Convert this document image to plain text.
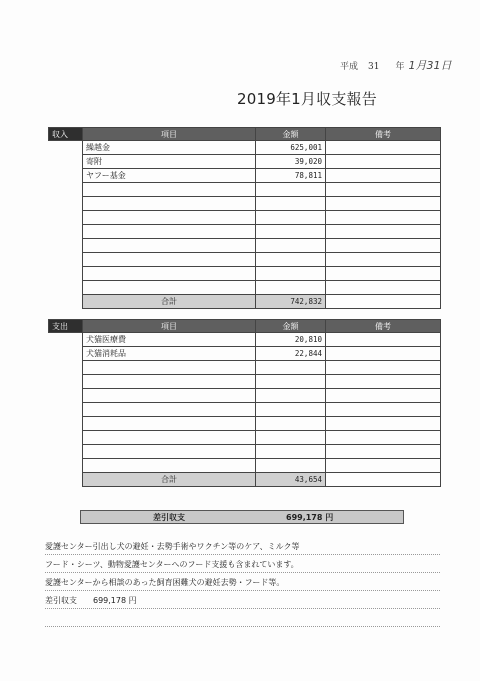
平成 31 年 1月31日
2019年1月収支報告
収入	項目	金額	備考
	繰越金	625,001	
	寄附	39,020	
	ヤフー基金	78,811	

	合計	742,832	
支出	項目	金額	備考
	犬猫医療費	20,810	
	犬猫消耗品	22,844	

	合計	43,654	
差引収支	699,178 円
愛護センター引出し犬の避妊・去勢手術やワクチン等のケア、ミルク等
フード・シーツ、動物愛護センターへのフード支援も含まれています。
愛護センターから相談のあった飼育困難犬の避妊去勢・フード等。
差引収支　　699,178 円
